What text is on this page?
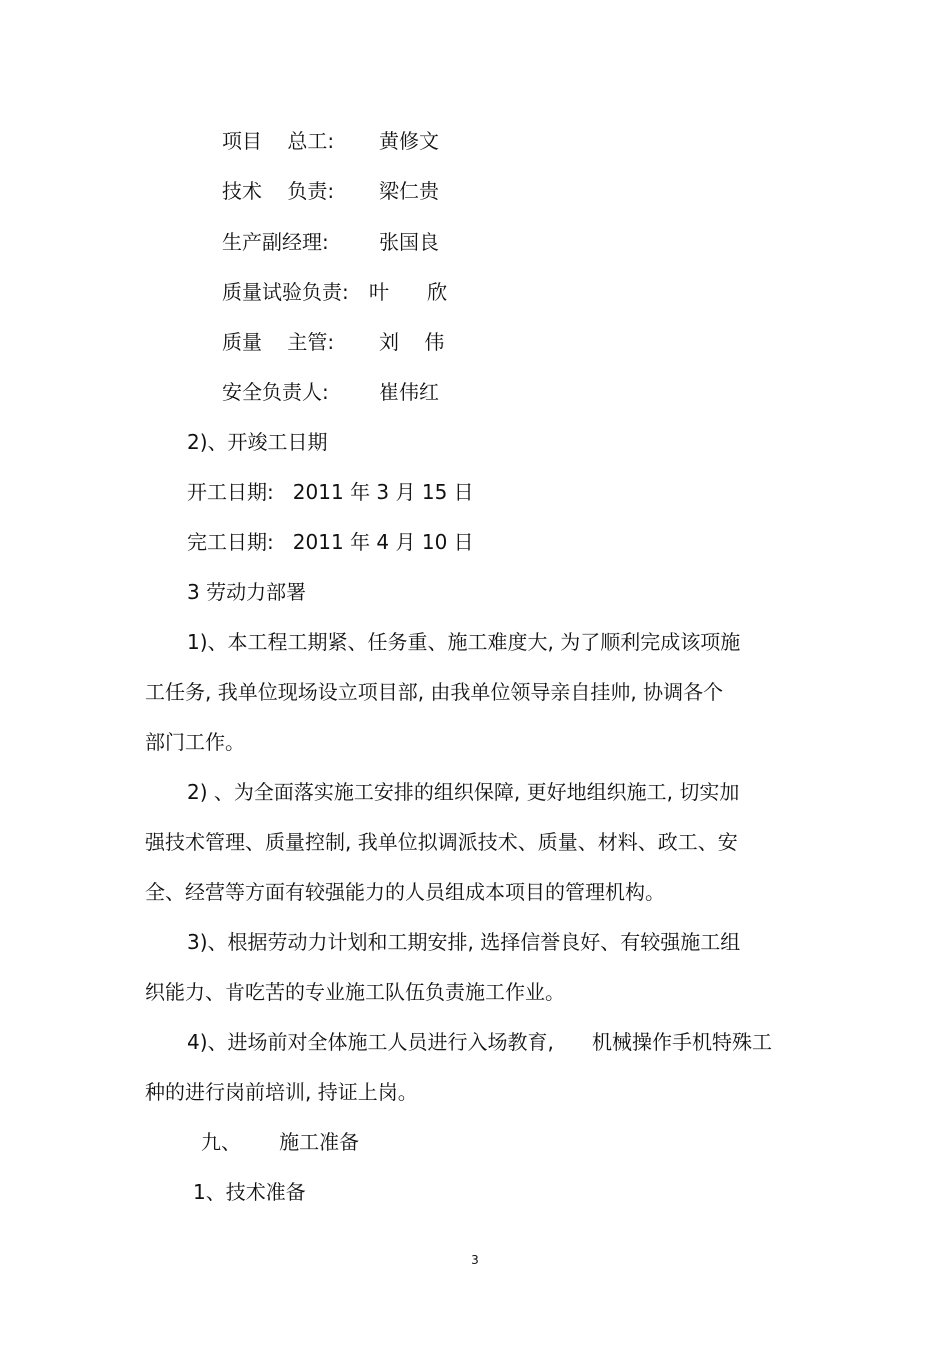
项目    总工: 黄修文
技术    负责: 梁仁贵
生产副经理:	张国良
质量试验负责: 叶      欣
质量    主管: 刘    伟
安全负责人:	崔伟红

2)、开竣工日期

开工日期:   2011 年 3 月 15 日

完工日期:   2011 年 4 月 10 日

3 劳动力部署

1)、本工程工期紧、任务重、施工难度大, 为了顺利完成该项施

工任务, 我单位现场设立项目部, 由我单位领导亲自挂帅, 协调各个

部门工作。

2) 、为全面落实施工安排的组织保障, 更好地组织施工, 切实加

强技术管理、质量控制, 我单位拟调派技术、质量、材料、政工、安

全、经营等方面有较强能力的人员组成本项目的管理机构。

3)、根据劳动力计划和工期安排, 选择信誉良好、有较强施工组

织能力、肯吃苦的专业施工队伍负责施工作业。

4)、进场前对全体施工人员进行入场教育,      机械操作手机特殊工

种的进行岗前培训, 持证上岗。

九、      施工准备

1、技术准备

3
